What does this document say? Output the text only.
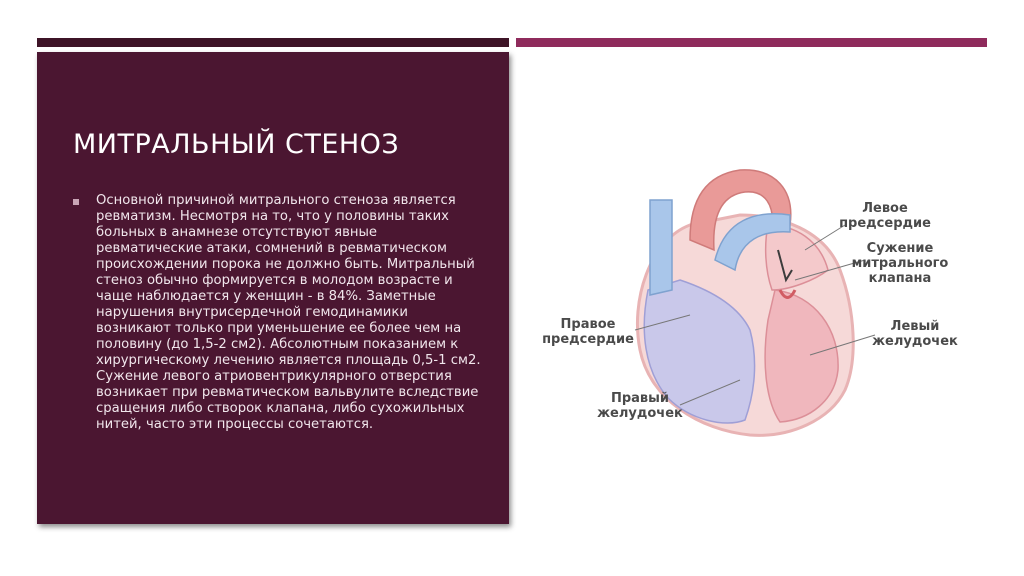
МИТРАЛЬНЫЙ СТЕНОЗ

Основной причиной митрального стеноза является ревматизм. Несмотря на то, что у половины таких больных в анамнезе отсутствуют явные ревматические атаки, сомнений в ревматическом происхождении порока не должно быть. Митральный стеноз обычно формируется в молодом возрасте и чаще наблюдается у женщин - в 84%. Заметные нарушения внутрисердечной гемодинамики возникают только при уменьшение ее более чем на половину (до 1,5-2 см2). Абсолютным показанием к хирургическому лечению является площадь 0,5-1 см2. Сужение левого атриовентрикулярного отверстия возникает при ревматическом вальвулите вследствие сращения либо створок клапана, либо сухожильных нитей, часто эти процессы сочетаются.

Левое
предсердие
Сужение
митрального
клапана
Левый
желудочек
Правое
предсердие
Правый
желудочек
